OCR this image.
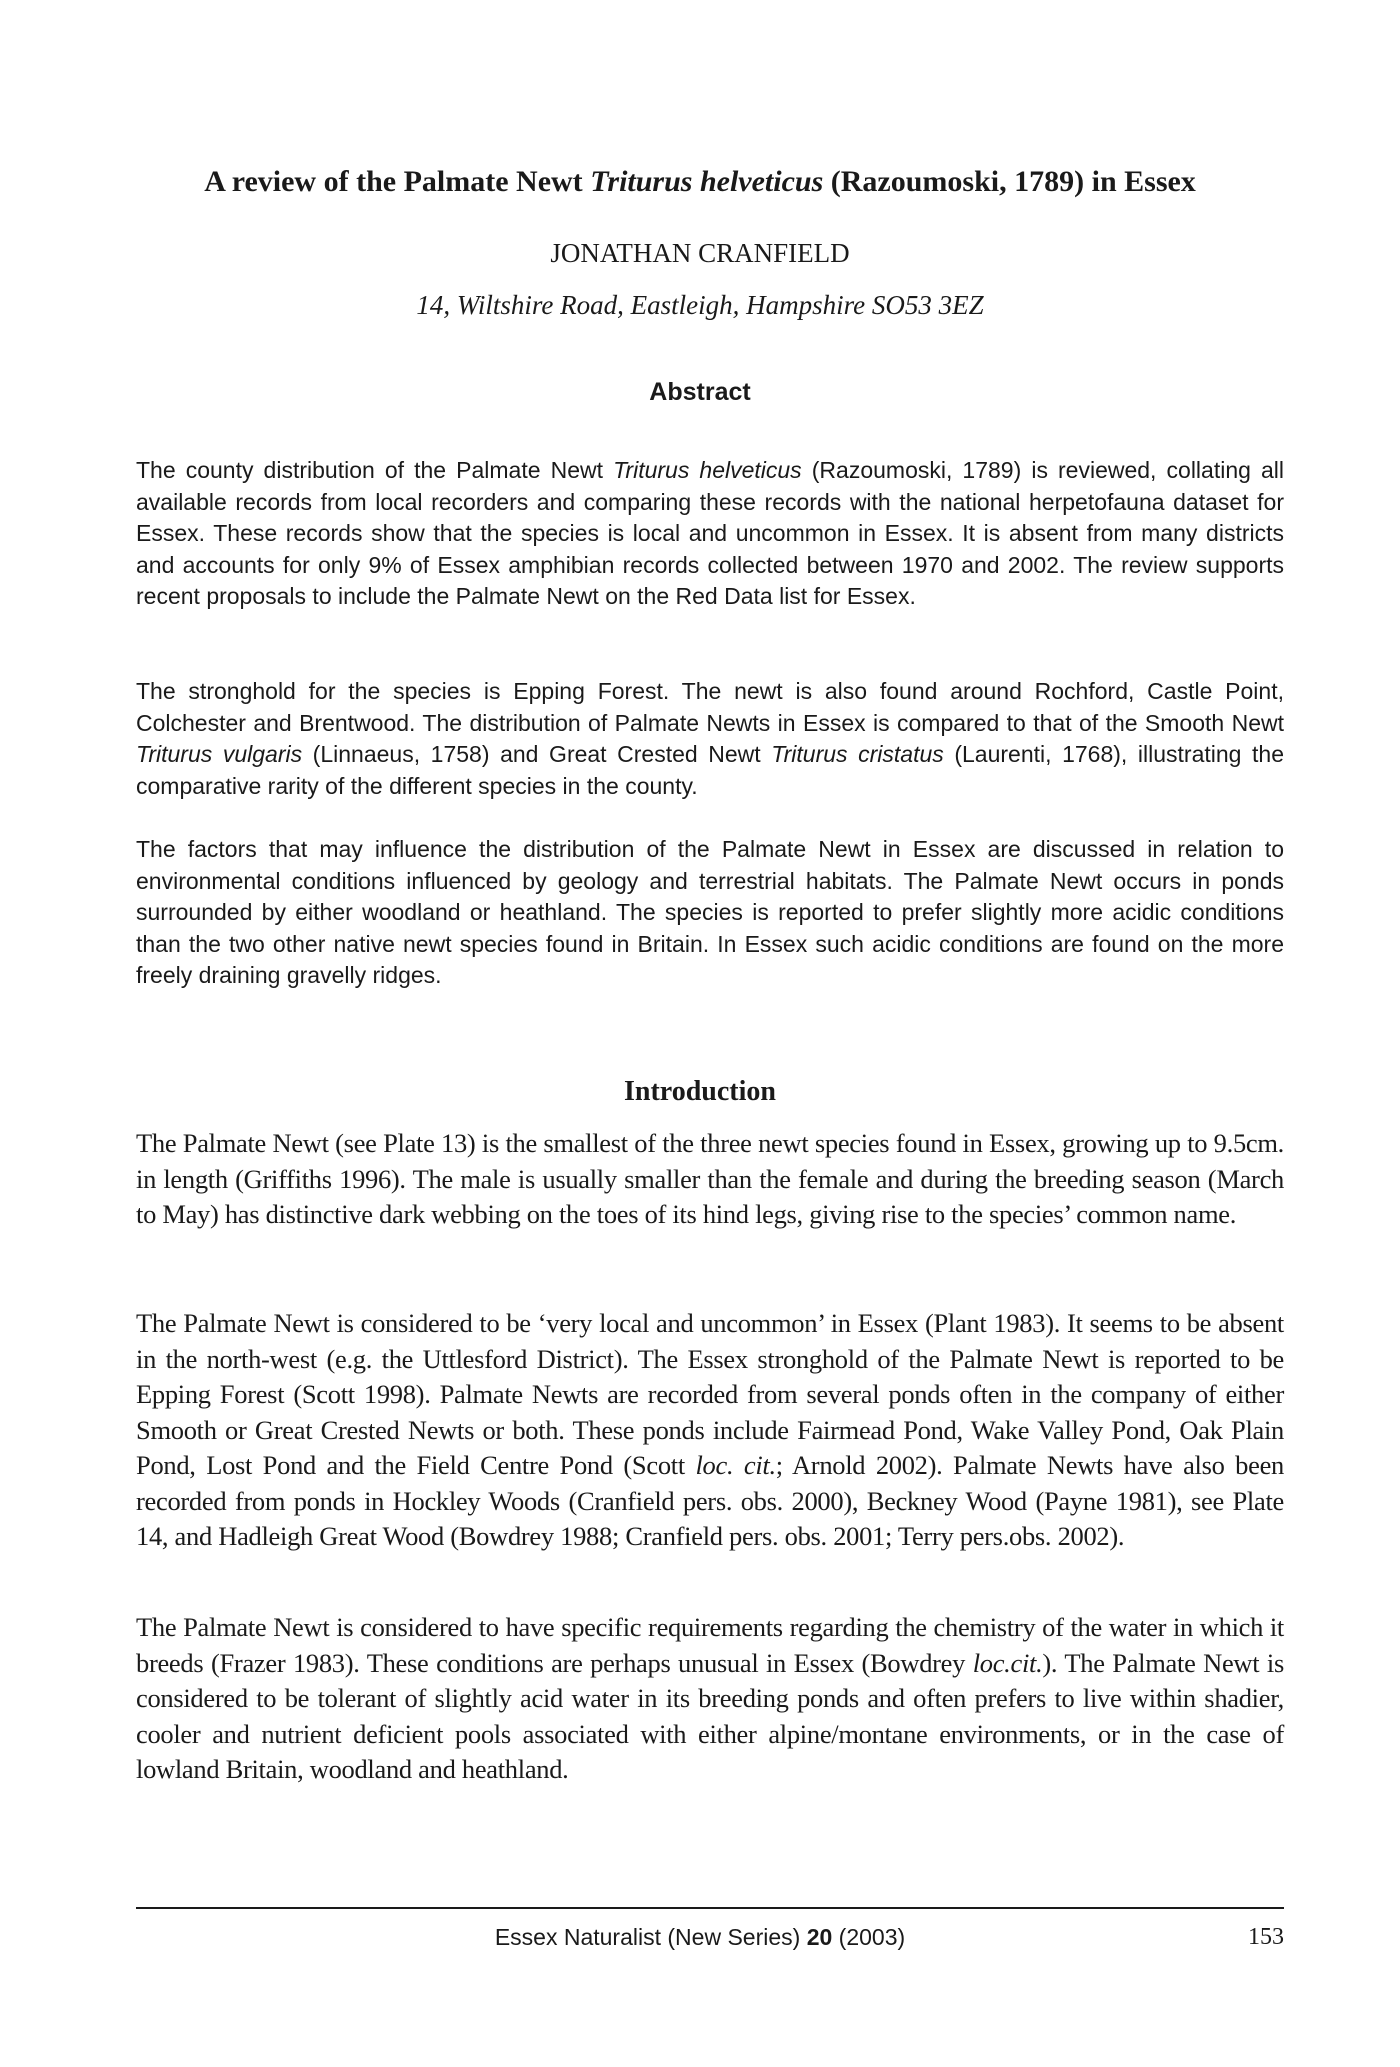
A review of the Palmate Newt Triturus helveticus (Razoumoski, 1789) in Essex
JONATHAN CRANFIELD
14, Wiltshire Road, Eastleigh, Hampshire SO53 3EZ
Abstract

The county distribution of the Palmate Newt Triturus helveticus (Razoumoski, 1789) is reviewed, collating all available records from local recorders and comparing these records with the national herpetofauna dataset for Essex. These records show that the species is local and uncommon in Essex. It is absent from many districts and accounts for only 9% of Essex amphibian records collected between 1970 and 2002. The review supports recent proposals to include the Palmate Newt on the Red Data list for Essex.

The stronghold for the species is Epping Forest. The newt is also found around Rochford, Castle Point, Colchester and Brentwood. The distribution of Palmate Newts in Essex is compared to that of the Smooth Newt Triturus vulgaris (Linnaeus, 1758) and Great Crested Newt Triturus cristatus (Laurenti, 1768), illustrating the comparative rarity of the different species in the county.

The factors that may influence the distribution of the Palmate Newt in Essex are discussed in relation to environmental conditions influenced by geology and terrestrial habitats. The Palmate Newt occurs in ponds surrounded by either woodland or heathland. The species is reported to prefer slightly more acidic conditions than the two other native newt species found in Britain. In Essex such acidic conditions are found on the more freely draining gravelly ridges.

Introduction

The Palmate Newt (see Plate 13) is the smallest of the three newt species found in Essex, growing up to 9.5cm. in length (Griffiths 1996). The male is usually smaller than the female and during the breeding season (March to May) has distinctive dark webbing on the toes of its hind legs, giving rise to the species’ common name.

The Palmate Newt is considered to be ‘very local and uncommon’ in Essex (Plant 1983). It seems to be absent in the north-west (e.g. the Uttlesford District). The Essex stronghold of the Palmate Newt is reported to be Epping Forest (Scott 1998). Palmate Newts are recorded from several ponds often in the company of either Smooth or Great Crested Newts or both. These ponds include Fairmead Pond, Wake Valley Pond, Oak Plain Pond, Lost Pond and the Field Centre Pond (Scott loc. cit.; Arnold 2002). Palmate Newts have also been recorded from ponds in Hockley Woods (Cranfield pers. obs. 2000), Beckney Wood (Payne 1981), see Plate 14, and Hadleigh Great Wood (Bowdrey 1988; Cranfield pers. obs. 2001; Terry pers.obs. 2002).

The Palmate Newt is considered to have specific requirements regarding the chemistry of the water in which it breeds (Frazer 1983). These conditions are perhaps unusual in Essex (Bowdrey loc.cit.). The Palmate Newt is considered to be tolerant of slightly acid water in its breeding ponds and often prefers to live within shadier, cooler and nutrient deficient pools associated with either alpine/montane environments, or in the case of lowland Britain, woodland and heathland.

Essex Naturalist (New Series) 20 (2003)	153
